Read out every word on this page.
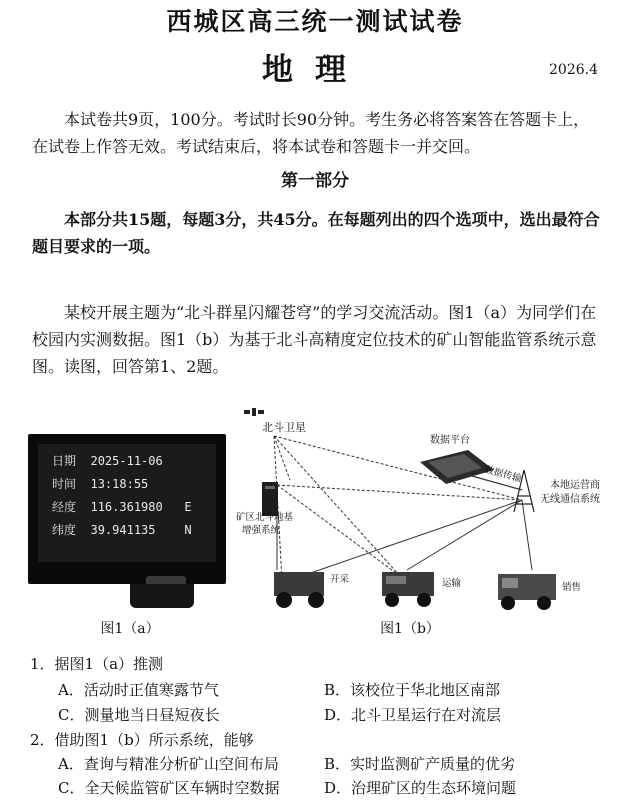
西城区高三统一测试试卷
地理	2026.4
本试卷共9页，100分。考试时长90分钟。考生务必将答案答在答题卡上，在试卷上作答无效。考试结束后，将本试卷和答题卡一并交回。
第一部分
本部分共15题，每题3分，共45分。在每题列出的四个选项中，选出最符合题目要求的一项。
某校开展主题为“北斗群星闪耀苍穹”的学习交流活动。图1（a）为同学们在校园内实测数据。图1（b）为基于北斗高精度定位技术的矿山智能监管系统示意图。读图，回答第1、2题。
日期 2025-11-06
时间 13:18:55
经度 116.361980 E
纬度 39.941135 N
图1（a）
北斗卫星
矿区北斗地基
增强系统
数据平台
数据传输
本地运营商
无线通信系统
开采	运输	销售
图1（b）
1．据图1（a）推测
A．活动时正值寒露节气	B．该校位于华北地区南部
C．测量地当日昼短夜长	D．北斗卫星运行在对流层
2．借助图1（b）所示系统，能够
A．查询与精准分析矿山空间布局	B．实时监测矿产质量的优劣
C．全天候监管矿区车辆时空数据	D．治理矿区的生态环境问题
